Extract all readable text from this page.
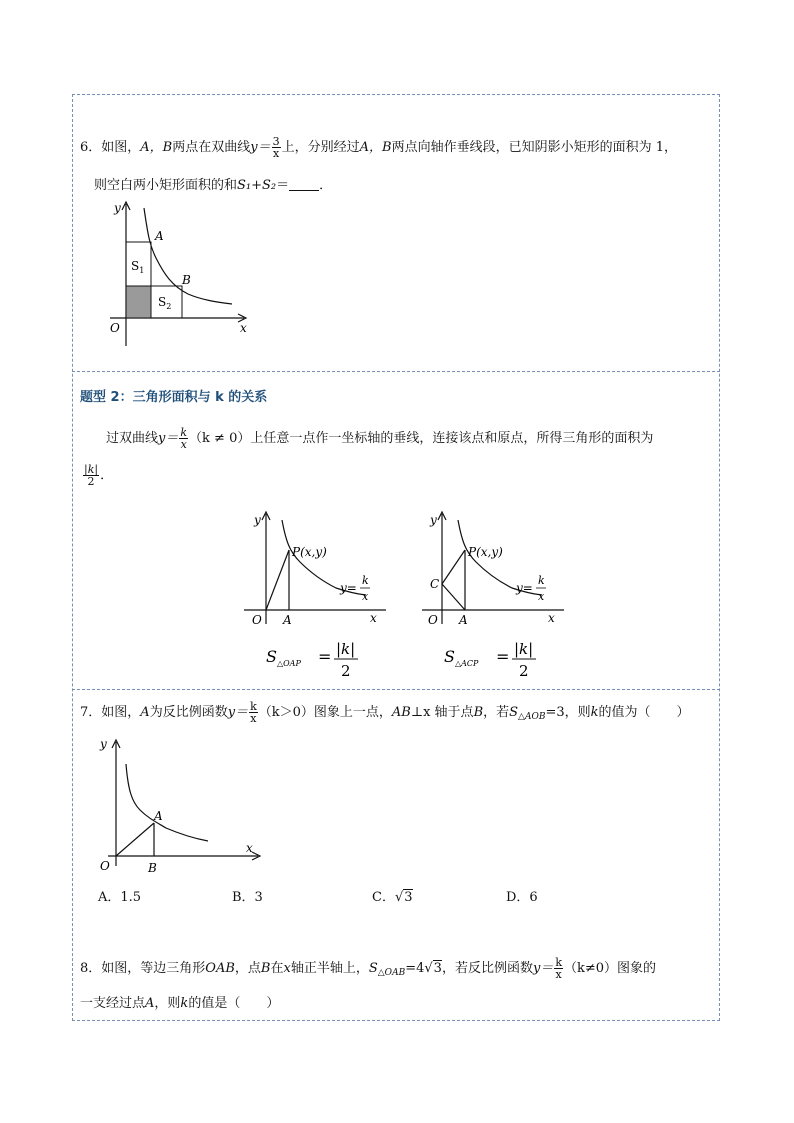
6．如图，A，B两点在双曲线$y= \frac{3}{x}$ 上，分别经过A，B两点向轴作垂线段，已知阴影小矩形的面积为 1，
则空白两小矩形面积的和S₁+S₂＝ ．
y
x
O
A
B
$S_1$
$S_2$
题型 2：三角形面积与 k 的关系
过双曲线$y= \frac{k}{x} (k \ne 0)$上任意一点作一坐标轴的垂线，连接该点和原点，所得三角形的面积为
$\frac{|k|}{2}$ ．
y
x
O A
P(x,y)
y=
k
x
$S_{\triangle OAP} = |k|$
2
y
x
O A
C
P(x,y)
y=
k
x
$S_{\triangle ACP} = |k|$
2
7．如图，A为反比例函数$y= \frac{k}{x} (k>0)$图象上一点，AB⊥x 轴于点B，若$S_{\triangle AOB}=3$，则k的值为（　　）
y
x
O
A
B
A．1.5	B．3	C．√3	D．6
8．如图，等边三角形OAB，点B在x轴正半轴上，$S_{\triangle OAB}=4√3$，若反比例函数$y= \frac{k}{x} (k\ne 0)$图象的
一支经过点A，则k的值是（　　）
